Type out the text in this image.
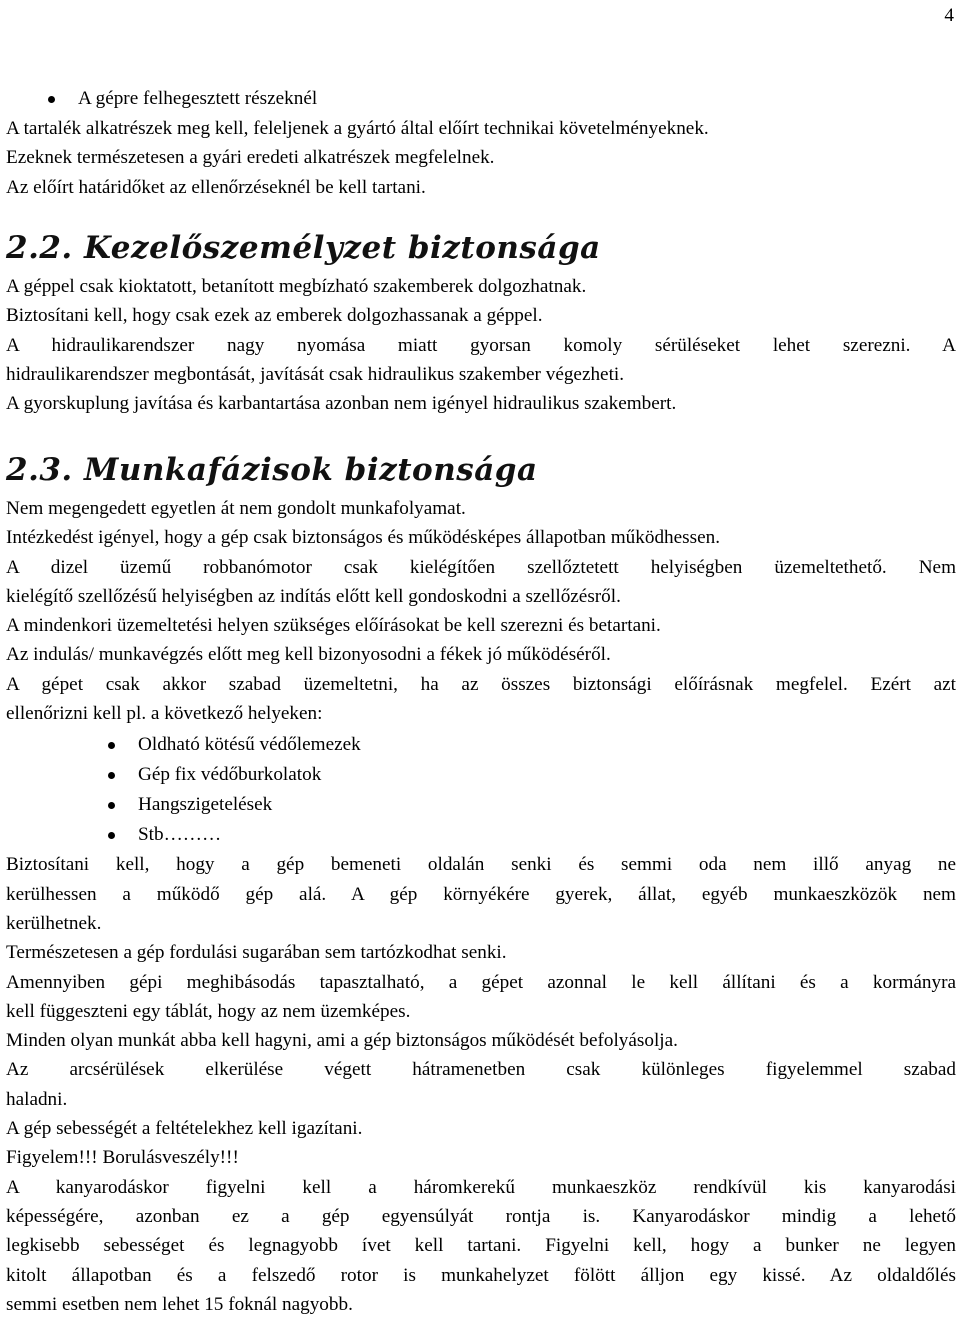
4
A gépre felhegesztett részeknél
A tartalék alkatrészek meg kell, feleljenek a gyártó által előírt technikai követelményeknek.
Ezeknek természetesen a gyári eredeti alkatrészek megfelelnek.
Az előírt határidőket az ellenőrzéseknél be kell tartani.
2.2. Kezelőszemélyzet biztonsága
A géppel csak kioktatott, betanított megbízható szakemberek dolgozhatnak.
Biztosítani kell, hogy csak ezek az emberek dolgozhassanak a géppel.
A hidraulikarendszer nagy nyomása miatt gyorsan komoly sérüléseket lehet szerezni. A
hidraulikarendszer megbontását, javítását csak hidraulikus szakember végezheti.
A gyorskuplung javítása és karbantartása azonban nem igényel hidraulikus szakembert.
2.3. Munkafázisok biztonsága
Nem megengedett egyetlen át nem gondolt munkafolyamat.
Intézkedést igényel, hogy a gép csak biztonságos és működésképes állapotban működhessen.
A dizel üzemű robbanómotor csak kielégítően szellőztetett helyiségben üzemeltethető. Nem
kielégítő szellőzésű helyiségben az indítás előtt kell gondoskodni a szellőzésről.
A mindenkori üzemeltetési helyen szükséges előírásokat be kell szerezni és betartani.
Az indulás/ munkavégzés előtt meg kell bizonyosodni a fékek jó működéséről.
A gépet csak akkor szabad üzemeltetni, ha az összes biztonsági előírásnak megfelel. Ezért azt
ellenőrizni kell pl. a következő helyeken:
Oldható kötésű védőlemezek
Gép fix védőburkolatok
Hangszigetelések
Stb………
Biztosítani kell, hogy a gép bemeneti oldalán senki és semmi oda nem illő anyag ne
kerülhessen a működő gép alá. A gép környékére gyerek, állat, egyéb munkaeszközök nem
kerülhetnek.
Természetesen a gép fordulási sugarában sem tartózkodhat senki.
Amennyiben gépi meghibásodás tapasztalható, a gépet azonnal le kell állítani és a kormányra
kell függeszteni egy táblát, hogy az nem üzemképes.
Minden olyan munkát abba kell hagyni, ami a gép biztonságos működését befolyásolja.
Az arcsérülések elkerülése végett hátramenetben csak különleges figyelemmel szabad
haladni.
A gép sebességét a feltételekhez kell igazítani.
Figyelem!!! Borulásveszély!!!
A kanyarodáskor figyelni kell a háromkerekű munkaeszköz rendkívül kis kanyarodási
képességére, azonban ez a gép egyensúlyát rontja is. Kanyarodáskor mindig a lehető
legkisebb sebességet és legnagyobb ívet kell tartani. Figyelni kell, hogy a bunker ne legyen
kitolt állapotban és a felszedő rotor is munkahelyzet fölött álljon egy kissé. Az oldaldőlés
semmi esetben nem lehet 15 foknál nagyobb.
